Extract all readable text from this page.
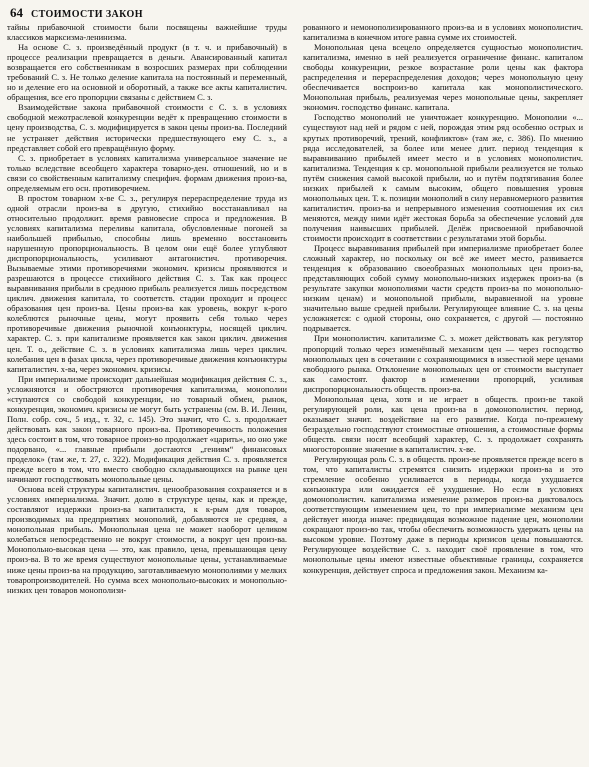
64 СТОИМОСТИ ЗАКОН

тайны прибавочной стоимости были посвящены важнейшие труды классиков марксизма-ленинизма.

На основе С. з. произведённый продукт (в т. ч. и прибавочный) в процессе реализации превращается в деньги. Авансированный капитал возвращается его собственникам в возросших размерах при соблюдении требований С. з. Не только деление капитала на постоянный и переменный, но и деление его на основной и оборотный, а также все акты капиталистич. обращения, все его пропорции связаны с действием С. з.

Взаимодействие закона прибавочной стоимости с С. з. в условиях свободной межотраслевой конкуренции ведёт к превращению стоимости в цену производства, С. з. модифицируется в закон цены произ-ва. Последний не устраняет действия исторически предшествующего ему С. з., а представляет собой его превращённую форму.

С. з. приобретает в условиях капитализма универсальное значение не только вследствие всеобщего характера товарно-ден. отношений, но и в связи со свойственным капитализму специфич. формам движения произ-ва, определяемым его осн. противоречием.

В простом товарном х-ве С. з., регулируя перераспределение труда из одной отрасли произ-ва в другую, стихийно восстанавливал на относительно продолжит. время равновесие спроса и предложения. В условиях капитализма переливы капитала, обусловленные погоней за наибольшей прибылью, способны лишь временно восстановить нарушенную пропорциональность. В целом они ещё более углубляют диспропорциональность, усиливают антагонистич. противоречия. Вызываемые этими противоречиями экономич. кризисы проявляются и разрешаются в процессе стихийного действия С. з. Так как процесс выравнивания прибыли в среднюю прибыль реализуется лишь посредством циклич. движения капитала, то соответств. стадии проходит и процесс образования цен произ-ва. Цены произ-ва как уровень, вокруг к-рого колеблются рыночные цены, могут проявить себя только через противоречивые движения рыночной конъюнктуры, носящей циклич. характер. С. з. при капитализме проявляется как закон циклич. движения цен. Т. о., действие С. з. в условиях капитализма лишь через циклич. колебания цен в фазах цикла, через противоречивые движения конъюнктуры капиталистич. х-ва, через экономич. кризисы.

При империализме происходит дальнейшая модификация действия С. з., усложняются и обостряются противоречия капитализма, монополии «ступаются со свободой конкуренции, но товарный обмен, рынок, конкуренция, экономич. кризисы не могут быть устранены (см. В. И. Ленин, Полн. собр. соч., 5 изд., т. 32, с. 145). Это значит, что С. з. продолжает действовать как закон товарного произ-ва. Противоречивость положения здесь состоит в том, что товарное произ-во продолжает «царить», но оно уже подорвано, «... главные прибыли достаются „гениям“ финансовых проделок» (там же, т. 27, с. 322). Модификация действия С. з. проявляется прежде всего в том, что вместо свободно складывающихся на рынке цен начинают господствовать монопольные цены.

Основа всей структуры капиталистич. ценообразования сохраняется и в условиях империализма. Значит. долю в структуре цены, как и прежде, составляют издержки произ-ва капиталиста, к к-рым для товаров, производимых на предприятиях монополий, добавляются не средняя, а монопольная прибыль. Монопольная цена не может наоборот целиком колебаться непосредственно не вокруг стоимости, а вокруг цен произ-ва. Монопольно-высокая цена — это, как правило, цена, превышающая цену произ-ва. В то же время существуют монопольные цены, устанавливаемые ниже цены произ-ва на продукцию, заготавливаемую монополиями у мелких товаропроизводителей. Но сумма всех монопольно-высоких и монопольно-низких цен товаров монополизи-

рованного и немонополизированного произ-ва и в условиях монополистич. капитализма в конечном итоге равна сумме их стоимостей.

Монопольная цена всецело определяется сущностью монополистич. капитализма, именно в ней реализуется ограничение финанс. капиталом свободы конкуренции, резкое возрастание роли цены как фактора распределения и перераспределения доходов; через монопольную цену обеспечивается воспроиз-во капитала как монополистического. Монопольная прибыль, реализуемая через монопольные цены, закрепляет экономич. господство финанс. капитала.

Господство монополий не уничтожает конкуренцию. Монополии «... существуют над ней и рядом с ней, порождая этим ряд особенно острых и крутых противоречий, трений, конфликтов» (там же, с. 386). По мнению ряда исследователей, за более или менее длит. период тенденция к выравниванию прибылей имеет место и в условиях монополистич. капитализма. Тенденция к ср. монопольной прибыли реализуется не только путём снижения самой высокой прибыли, но и путём подтягивания более низких прибылей к самым высоким, общего повышения уровня монопольных цен. Т. к. позиции монополий в силу неравномерного развития капиталистич. произ-ва и непрерывного изменения соотношения их сил меняются, между ними идёт жестокая борьба за обеспечение условий для получения наивысших прибылей. Делёж присвоенной прибавочной стоимости происходит в соответствии с результатами этой борьбы.

Процесс выравнивания прибылей при империализме приобретает более сложный характер, но поскольку он всё же имеет место, развивается тенденция к образованию своеобразных монопольных цен произ-ва, представляющих собой сумму монопольно-низких издержек произ-ва (в результате закупки монополиями части средств произ-ва по монопольно-низким ценам) и монопольной прибыли, выравненной на уровне значительно выше средней прибыли. Регулирующее влияние С. з. на цены усложняется: с одной стороны, оно сохраняется, с другой — постоянно подрывается.

При монополистич. капитализме С. з. может действовать как регулятор пропорций только через изменённый механизм цен — через господство монопольных цен в сочетании с сохраняющимися в известной мере ценами свободного рынка. Отклонение монопольных цен от стоимости выступает как самостоят. фактор в изменении пропорций, усиливая диспропорциональность обществ. произ-ва.

Монопольная цена, хотя и не играет в обществ. произ-ве такой регулирующей роли, как цена произ-ва в домонополистич. период, оказывает значит. воздействие на его развитие. Когда по-прежнему безраздельно господствуют стоимостные отношения, а стоимостные формы обществ. связи носят всеобщий характер, С. з. продолжает сохранять многосторонние значение в капиталистич. х-ве.

Регулирующая роль С. з. в обществ. произ-ве проявляется прежде всего в том, что капиталисты стремятся снизить издержки произ-ва и это стремление особенно усиливается в периоды, когда ухудшается конъюнктура или ожидается её ухудшение. Но если в условиях домонополистич. капитализма изменение размеров произ-ва диктовалось соответствующим изменением цен, то при империализме механизм цен действует иногда иначе: предвидящая возможное падение цен, монополии сокращают произ-во так, чтобы обеспечить возможность удержать цены на высоком уровне. Поэтому даже в периоды кризисов цены повышаются. Регулирующее воздействие С. з. находит своё проявление в том, что монопольные цены имеют известные объективные границы, сохраняется конкуренция, действует спроса и предложения закон. Механизм ка-
